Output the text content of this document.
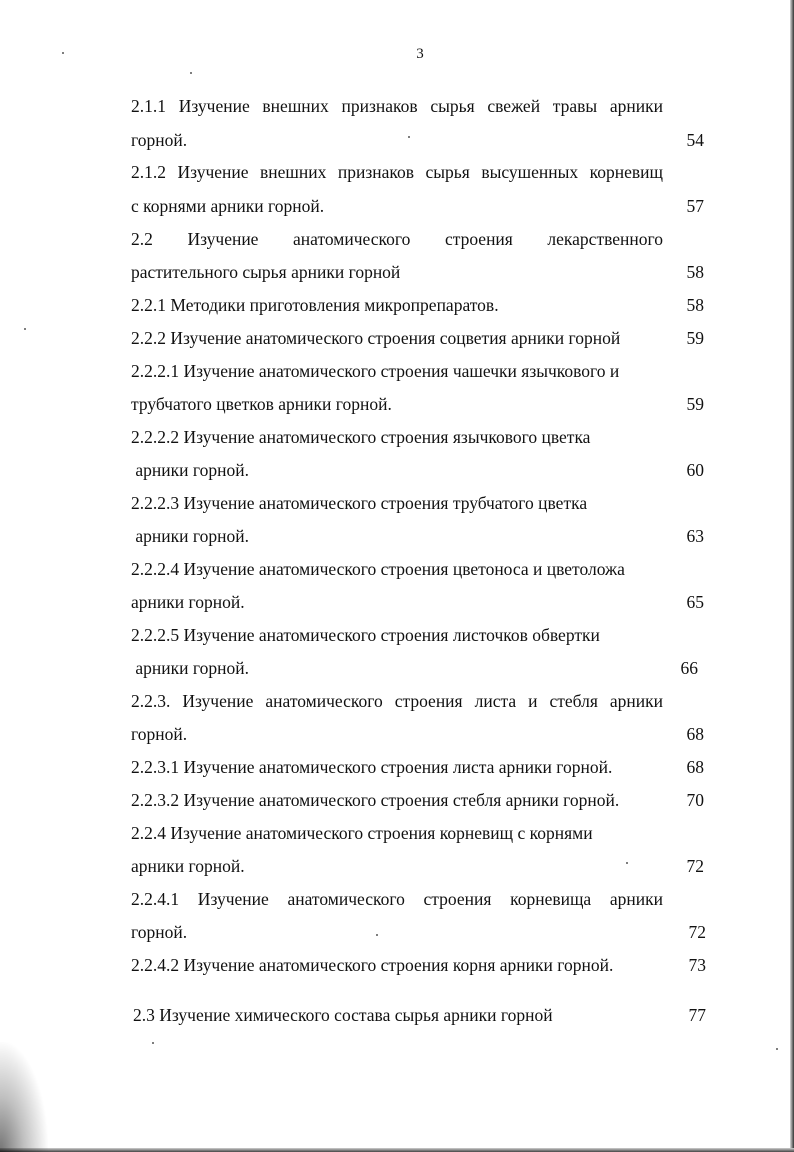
3
2.1.1 Изучение внешних признаков сырья свежей травы арники
горной.	54
2.1.2 Изучение внешних признаков сырья высушенных корневищ
с корнями арники горной.	57
2.2 Изучение анатомического строения лекарственного
растительного сырья арники горной	58
2.2.1 Методики приготовления микропрепаратов.	58
2.2.2 Изучение анатомического строения соцветия арники горной	59
2.2.2.1 Изучение анатомического строения чашечки язычкового и
трубчатого цветков арники горной.	59
2.2.2.2 Изучение анатомического строения язычкового цветка
арники горной.	60
2.2.2.3 Изучение анатомического строения трубчатого цветка
арники горной.	63
2.2.2.4 Изучение анатомического строения цветоноса и цветоложа
арники горной.	65
2.2.2.5 Изучение анатомического строения листочков обвертки
арники горной.	66
2.2.3. Изучение анатомического строения листа и стебля арники
горной.	68
2.2.3.1 Изучение анатомического строения листа арники горной.	68
2.2.3.2 Изучение анатомического строения стебля арники горной.	70
2.2.4 Изучение анатомического строения корневищ с корнями
арники горной.	72
2.2.4.1 Изучение анатомического строения корневища арники
горной.	72
2.2.4.2 Изучение анатомического строения корня арники горной.	73
2.3 Изучение химического состава сырья арники горной	77
